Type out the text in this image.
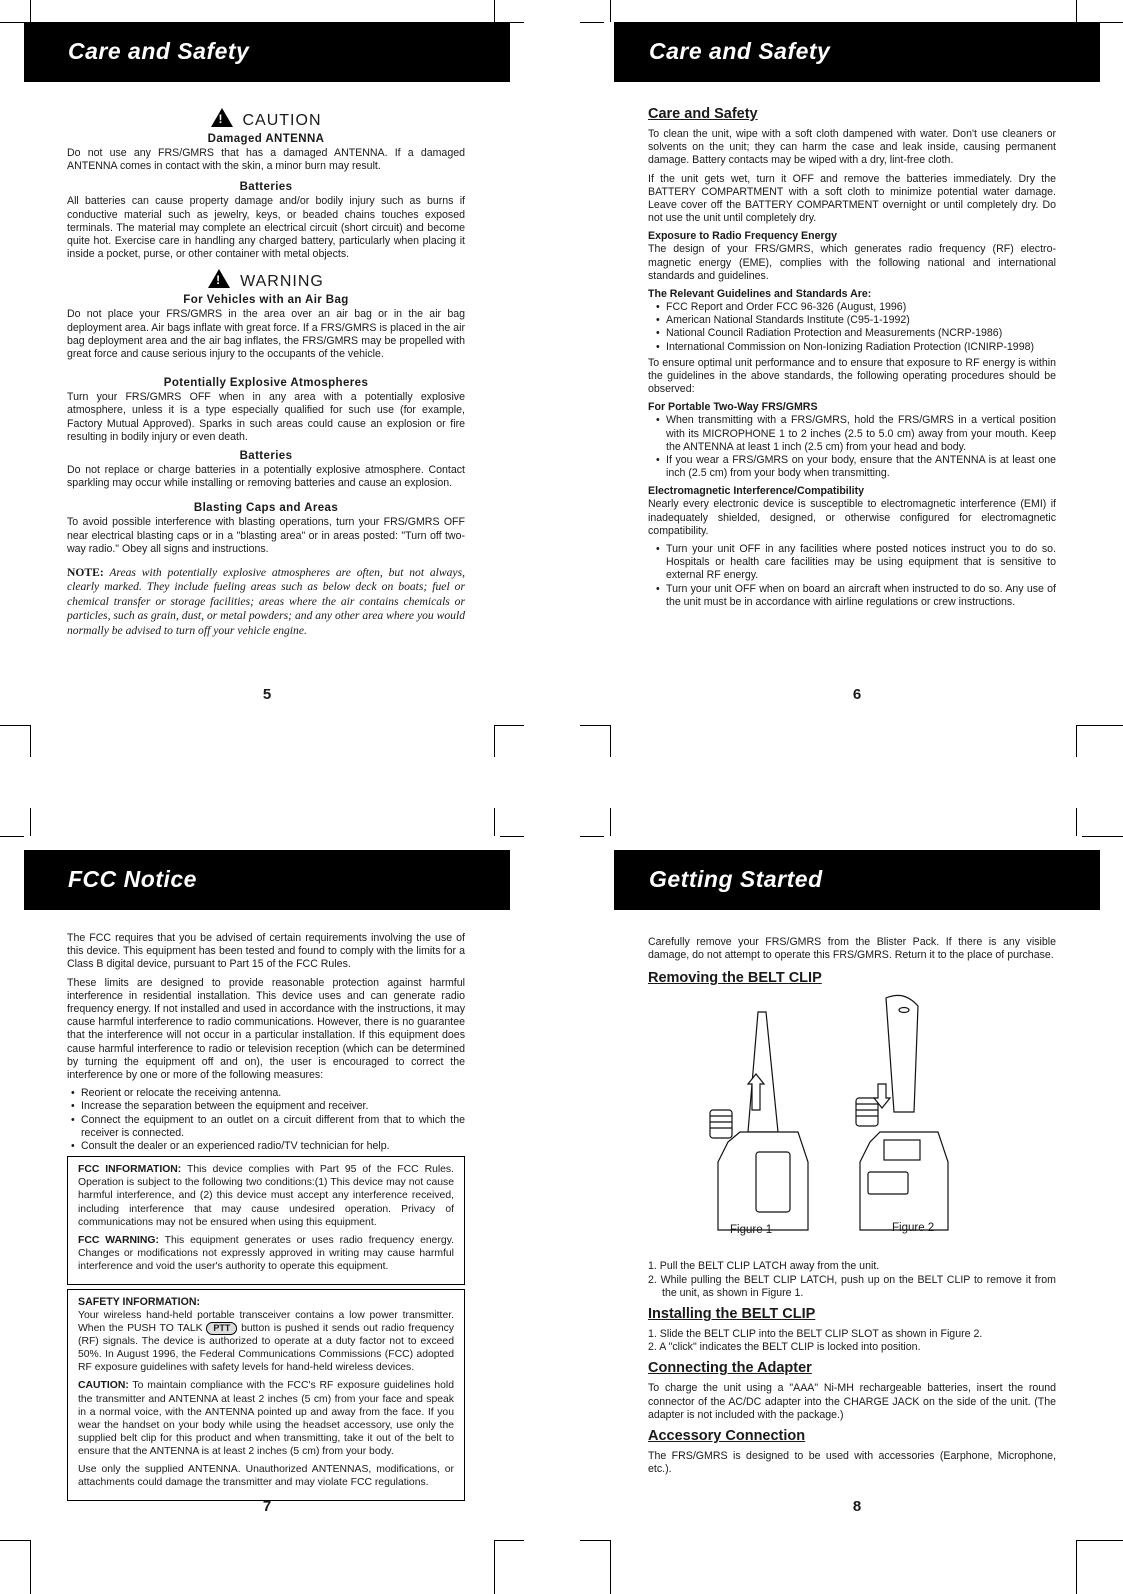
Care and Safety
! CAUTION
Damaged ANTENNA

Do not use any FRS/GMRS that has a damaged ANTENNA. If a damaged ANTENNA comes in contact with the skin, a minor burn may result.

Batteries

All batteries can cause property damage and/or bodily injury such as burns if conductive material such as jewelry, keys, or beaded chains touches exposed terminals. The material may complete an electrical circuit (short circuit) and become quite hot. Exercise care in handling any charged battery, particularly when placing it inside a pocket, purse, or other container with metal objects.

! WARNING
For Vehicles with an Air Bag

Do not place your FRS/GMRS in the area over an air bag or in the air bag deployment area. Air bags inflate with great force. If a FRS/GMRS is placed in the air bag deployment area and the air bag inflates, the FRS/GMRS may be propelled with great force and cause serious injury to the occupants of the vehicle.

Potentially Explosive Atmospheres

Turn your FRS/GMRS OFF when in any area with a potentially explosive atmosphere, unless it is a type especially qualified for such use (for example, Factory Mutual Approved). Sparks in such areas could cause an explosion or fire resulting in bodily injury or even death.

Batteries

Do not replace or charge batteries in a potentially explosive atmosphere. Contact sparkling may occur while installing or removing batteries and cause an explosion.

Blasting Caps and Areas

To avoid possible interference with blasting operations, turn your FRS/GMRS OFF near electrical blasting caps or in a "blasting area" or in areas posted: "Turn off two-way radio." Obey all signs and instructions.

NOTE: Areas with potentially explosive atmospheres are often, but not always, clearly marked. They include fueling areas such as below deck on boats; fuel or chemical transfer or storage facilities; areas where the air contains chemicals or particles, such as grain, dust, or metal powders; and any other area where you would normally be advised to turn off your vehicle engine.
5
Care and Safety
Care and Safety

To clean the unit, wipe with a soft cloth dampened with water. Don't use cleaners or solvents on the unit; they can harm the case and leak inside, causing permanent damage. Battery contacts may be wiped with a dry, lint-free cloth.

If the unit gets wet, turn it OFF and remove the batteries immediately. Dry the BATTERY COMPARTMENT with a soft cloth to minimize potential water damage. Leave cover off the BATTERY COMPARTMENT overnight or until completely dry. Do not use the unit until completely dry.

Exposure to Radio Frequency Energy

The design of your FRS/GMRS, which generates radio frequency (RF) electro-magnetic energy (EME), complies with the following national and international standards and guidelines.

The Relevant Guidelines and Standards Are:
• FCC Report and Order FCC 96-326 (August, 1996)
• American National Standards Institute (C95-1-1992)
• National Council Radiation Protection and Measurements (NCRP-1986)
• International Commission on Non-Ionizing Radiation Protection (ICNIRP-1998)

To ensure optimal unit performance and to ensure that exposure to RF energy is within the guidelines in the above standards, the following operating procedures should be observed:

For Portable Two-Way FRS/GMRS
• When transmitting with a FRS/GMRS, hold the FRS/GMRS in a vertical position with its MICROPHONE 1 to 2 inches (2.5 to 5.0 cm) away from your mouth. Keep the ANTENNA at least 1 inch (2.5 cm) from your head and body.
• If you wear a FRS/GMRS on your body, ensure that the ANTENNA is at least one inch (2.5 cm) from your body when transmitting.
Electromagnetic Interference/Compatibility

Nearly every electronic device is susceptible to electromagnetic interference (EMI) if inadequately shielded, designed, or otherwise configured for electromagnetic compatibility.

• Turn your unit OFF in any facilities where posted notices instruct you to do so. Hospitals or health care facilities may be using equipment that is sensitive to external RF energy.
• Turn your unit OFF when on board an aircraft when instructed to do so. Any use of the unit must be in accordance with airline regulations or crew instructions.
6
FCC Notice

The FCC requires that you be advised of certain requirements involving the use of this device. This equipment has been tested and found to comply with the limits for a Class B digital device, pursuant to Part 15 of the FCC Rules.

These limits are designed to provide reasonable protection against harmful interference in residential installation. This device uses and can generate radio frequency energy. If not installed and used in accordance with the instructions, it may cause harmful interference to radio communications. However, there is no guarantee that the interference will not occur in a particular installation. If this equipment does cause harmful interference to radio or television reception (which can be determined by turning the equipment off and on), the user is encouraged to correct the interference by one or more of the following measures:

• Reorient or relocate the receiving antenna.
• Increase the separation between the equipment and receiver.
• Connect the equipment to an outlet on a circuit different from that to which the receiver is connected.
• Consult the dealer or an experienced radio/TV technician for help.

FCC INFORMATION: This device complies with Part 95 of the FCC Rules. Operation is subject to the following two conditions:(1) This device may not cause harmful interference, and (2) this device must accept any interference received, including interference that may cause undesired operation. Privacy of communications may not be ensured when using this equipment.

FCC WARNING: This equipment generates or uses radio frequency energy. Changes or modifications not expressly approved in writing may cause harmful interference and void the user's authority to operate this equipment.

SAFETY INFORMATION:

Your wireless hand-held portable transceiver contains a low power transmitter. When the PUSH TO TALK PTT button is pushed it sends out radio frequency (RF) signals. The device is authorized to operate at a duty factor not to exceed 50%. In August 1996, the Federal Communications Commissions (FCC) adopted RF exposure guidelines with safety levels for hand-held wireless devices.

CAUTION: To maintain compliance with the FCC's RF exposure guidelines hold the transmitter and ANTENNA at least 2 inches (5 cm) from your face and speak in a normal voice, with the ANTENNA pointed up and away from the face. If you wear the handset on your body while using the headset accessory, use only the supplied belt clip for this product and when transmitting, take it out of the belt to ensure that the ANTENNA is at least 2 inches (5 cm) from your body.

Use only the supplied ANTENNA. Unauthorized ANTENNAS, modifications, or attachments could damage the transmitter and may violate FCC regulations.

7
Getting Started

Carefully remove your FRS/GMRS from the Blister Pack. If there is any visible damage, do not attempt to operate this FRS/GMRS. Return it to the place of purchase.

Removing the BELT CLIP
Figure 1	Figure 2

1. Pull the BELT CLIP LATCH away from the unit.

2. While pulling the BELT CLIP LATCH, push up on the BELT CLIP to remove it from the unit, as shown in Figure 1.

Installing the BELT CLIP

1. Slide the BELT CLIP into the BELT CLIP SLOT as shown in Figure 2.

2. A "click" indicates the BELT CLIP is locked into position.

Connecting the Adapter

To charge the unit using a "AAA" Ni-MH rechargeable batteries, insert the round connector of the AC/DC adapter into the CHARGE JACK on the side of the unit. (The adapter is not included with the package.)

Accessory Connection

The FRS/GMRS is designed to be used with accessories (Earphone, Microphone, etc.).

8
